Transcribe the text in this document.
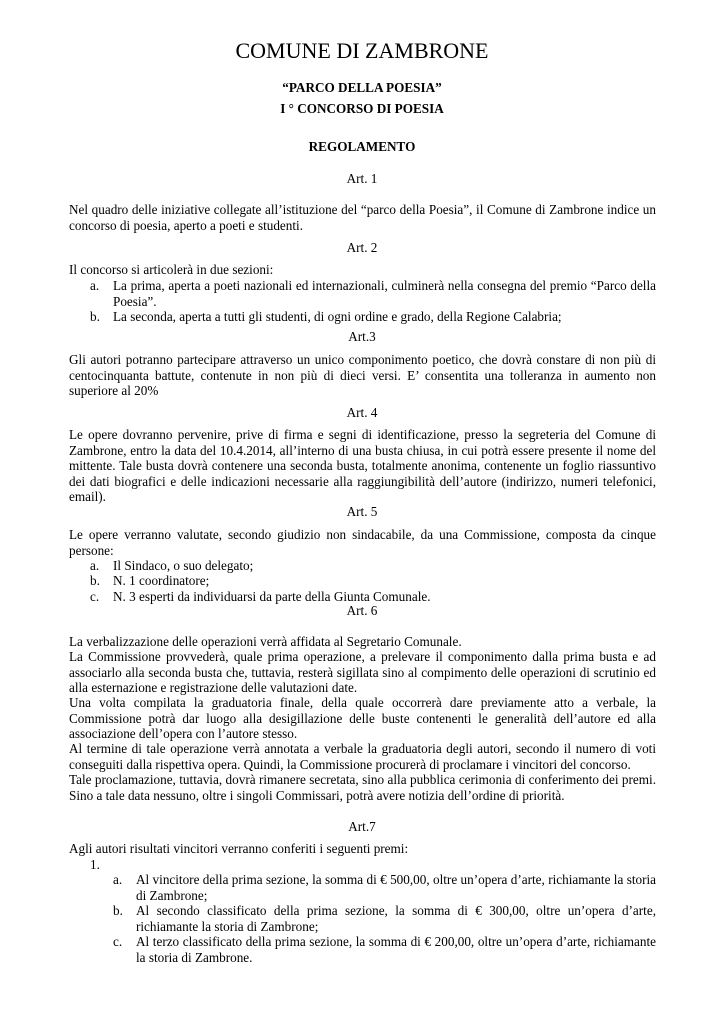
COMUNE DI ZAMBRONE
“PARCO DELLA POESIA”
I ° CONCORSO DI POESIA
REGOLAMENTO
Art. 1
Nel quadro delle iniziative collegate all’istituzione del “parco della Poesia”, il Comune di Zambrone indice un concorso di poesia, aperto a poeti e studenti.
Art. 2
Il concorso si articolerà in due sezioni:
a. La prima, aperta a poeti nazionali ed internazionali, culminerà nella consegna del premio “Parco della Poesia”.
b. La seconda, aperta a tutti gli studenti, di ogni ordine e grado, della Regione Calabria;
Art.3
Gli autori potranno partecipare attraverso un unico componimento poetico, che dovrà constare di non più di centocinquanta battute, contenute in non più di dieci versi. E’ consentita una tolleranza in aumento non superiore al 20%
Art. 4
Le opere dovranno pervenire, prive di firma e segni di identificazione, presso la segreteria del Comune di Zambrone, entro la data del 10.4.2014, all’interno di una busta chiusa, in cui potrà essere presente il nome del mittente. Tale busta dovrà contenere una seconda busta, totalmente anonima, contenente un foglio riassuntivo dei dati biografici e delle indicazioni necessarie alla raggiungibilità dell’autore (indirizzo, numeri telefonici, email).
Art. 5
Le opere verranno valutate, secondo giudizio non sindacabile, da una Commissione, composta da cinque persone:
a. Il Sindaco, o suo delegato;
b. N. 1 coordinatore;
c. N. 3 esperti da individuarsi da parte della Giunta Comunale.
Art. 6
La verbalizzazione delle operazioni verrà affidata al Segretario Comunale.
La Commissione provvederà, quale prima operazione, a prelevare il componimento dalla prima busta e ad associarlo alla seconda busta che, tuttavia, resterà sigillata sino al compimento delle operazioni di scrutinio ed alla esternazione e registrazione delle valutazioni date.
Una volta compilata la graduatoria finale, della quale occorrerà dare previamente atto a verbale, la Commissione potrà dar luogo alla desigillazione delle buste contenenti le generalità dell’autore ed alla associazione dell’opera con l’autore stesso.
Al termine di tale operazione verrà annotata a verbale la graduatoria degli autori, secondo il numero di voti conseguiti dalla rispettiva opera. Quindi, la Commissione procurerà di proclamare i vincitori del concorso.
Tale proclamazione, tuttavia, dovrà rimanere secretata, sino alla pubblica cerimonia di conferimento dei premi. Sino a tale data nessuno, oltre i singoli Commissari, potrà avere notizia dell’ordine di priorità.
Art.7
Agli autori risultati vincitori verranno conferiti i seguenti premi:
1.
a. Al vincitore della prima sezione, la somma di € 500,00, oltre un’opera d’arte, richiamante la storia di Zambrone;
b. Al secondo classificato della prima sezione, la somma di € 300,00, oltre un’opera d’arte, richiamante la storia di Zambrone;
c. Al terzo classificato della prima sezione, la somma di € 200,00, oltre un’opera d’arte, richiamante la storia di Zambrone.
